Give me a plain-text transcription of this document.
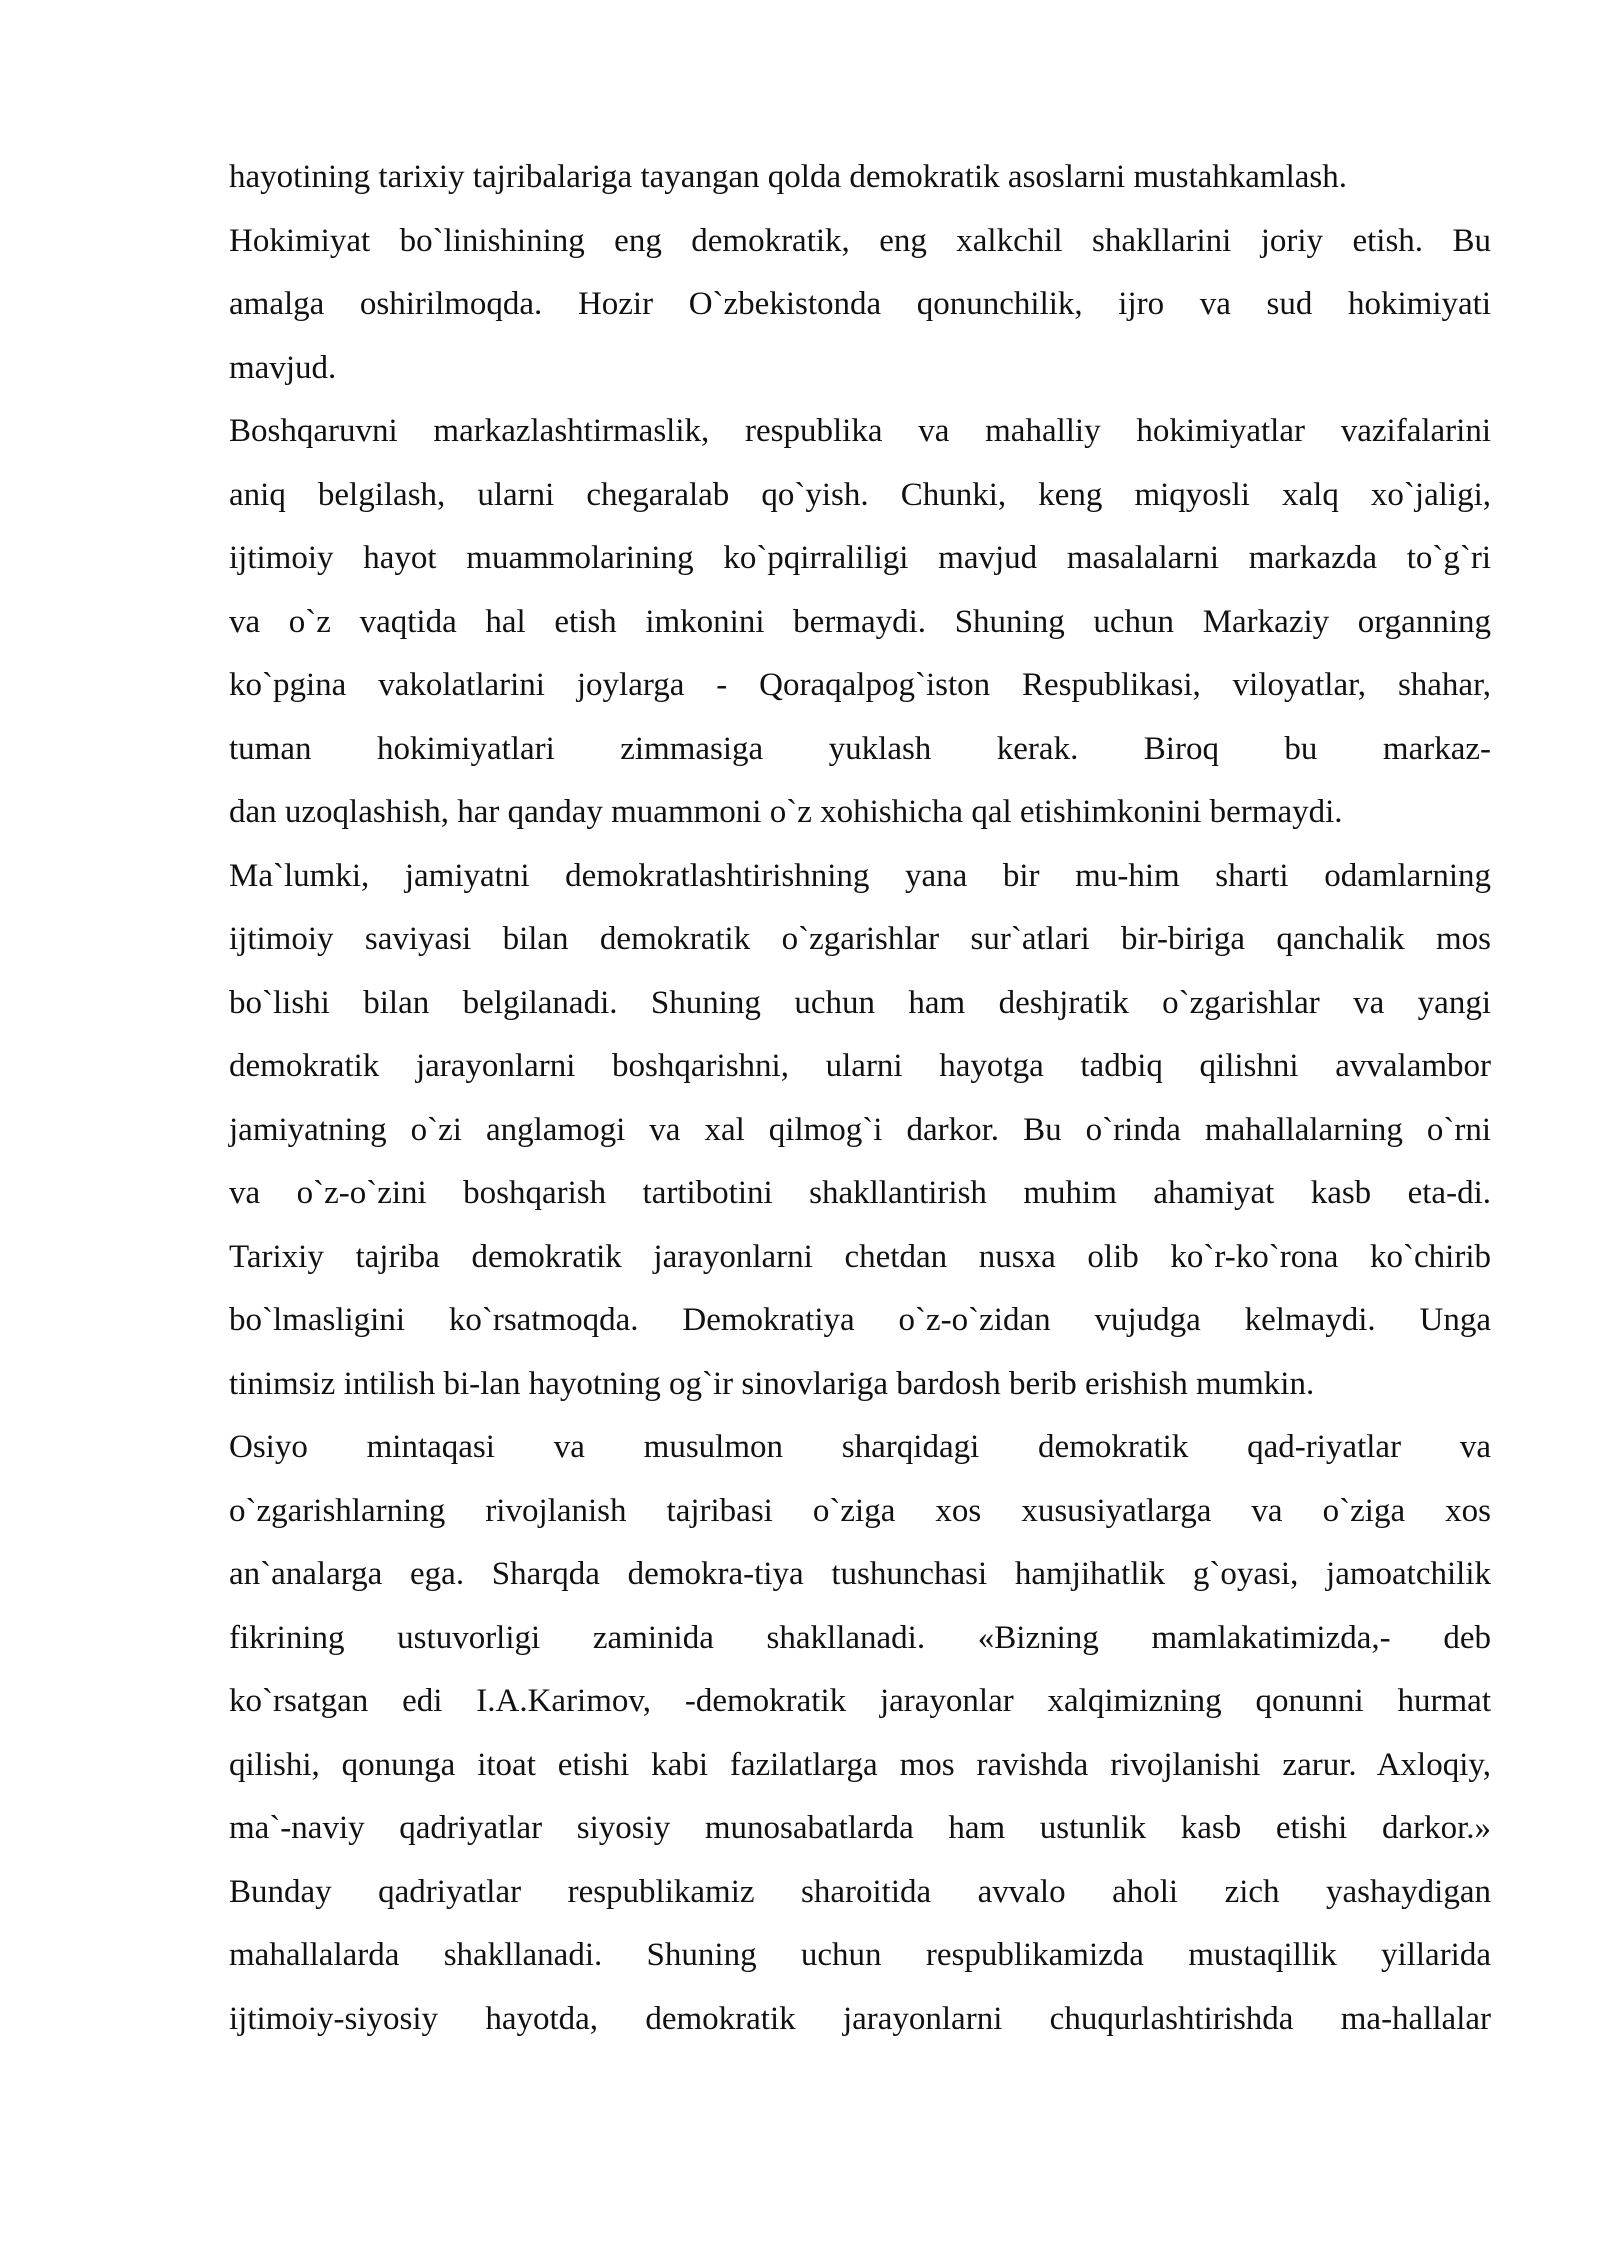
hayotining tarixiy tajribalariga tayangan qolda demokratik asoslarni mustahkamlash.
Hokimiyat bo`linishining eng demokratik, eng xalkchil shakllarini joriy etish. Bu
amalga oshirilmoqda. Hozir O`zbekistonda qonunchilik, ijro va sud hokimiyati
mavjud.
Boshqaruvni markazlashtirmaslik, respublika va mahalliy hokimiyatlar vazifalarini
aniq belgilash, ularni chegaralab qo`yish. Chunki, keng miqyosli xalq xo`jaligi,
ijtimoiy hayot muammolarining ko`pqirraliligi mavjud masalalarni markazda to`g`ri
va o`z vaqtida hal etish imkonini bermaydi. Shuning uchun Markaziy organning
ko`pgina vakolatlarini joylarga - Qoraqalpog`iston Respublikasi, viloyatlar, shahar,
tuman hokimiyatlari zimmasiga yuklash kerak. Biroq bu markaz-
dan uzoqlashish, har qanday muammoni o`z xohishicha qal etishimkonini bermaydi.
Ma`lumki, jamiyatni demokratlashtirishning yana bir mu-him sharti odamlarning
ijtimoiy saviyasi bilan demokratik o`zgarishlar sur`atlari bir-biriga qanchalik mos
bo`lishi bilan belgilanadi. Shuning uchun ham deshjratik o`zgarishlar va yangi
demokratik jarayonlarni boshqarishni, ularni hayotga tadbiq qilishni avvalambor
jamiyatning o`zi anglamogi va xal qilmog`i darkor. Bu o`rinda mahallalarning o`rni
va o`z-o`zini boshqarish tartibotini shakllantirish muhim ahamiyat kasb eta-di.
Tarixiy tajriba demokratik jarayonlarni chetdan nusxa olib ko`r-ko`rona ko`chirib
bo`lmasligini ko`rsatmoqda. Demokratiya o`z-o`zidan vujudga kelmaydi. Unga
tinimsiz intilish bi-lan hayotning og`ir sinovlariga bardosh berib erishish mumkin.
Osiyo mintaqasi va musulmon sharqidagi demokratik qad-riyatlar va
o`zgarishlarning rivojlanish tajribasi o`ziga xos xususiyatlarga va o`ziga xos
an`analarga ega. Sharqda demokra-tiya tushunchasi hamjihatlik g`oyasi, jamoatchilik
fikrining ustuvorligi zaminida shakllanadi. «Bizning mamlakatimizda,- deb
ko`rsatgan edi I.A.Karimov, -demokratik jarayonlar xalqimizning qonunni hurmat
qilishi, qonunga itoat etishi kabi fazilatlarga mos ravishda rivojlanishi zarur. Axloqiy,
ma`-naviy qadriyatlar siyosiy munosabatlarda ham ustunlik kasb etishi darkor.»
Bunday qadriyatlar respublikamiz sharoitida avvalo aholi zich yashaydigan
mahallalarda shakllanadi. Shuning uchun respublikamizda mustaqillik yillarida
ijtimoiy-siyosiy hayotda, demokratik jarayonlarni chuqurlashtirishda ma-hallalar
